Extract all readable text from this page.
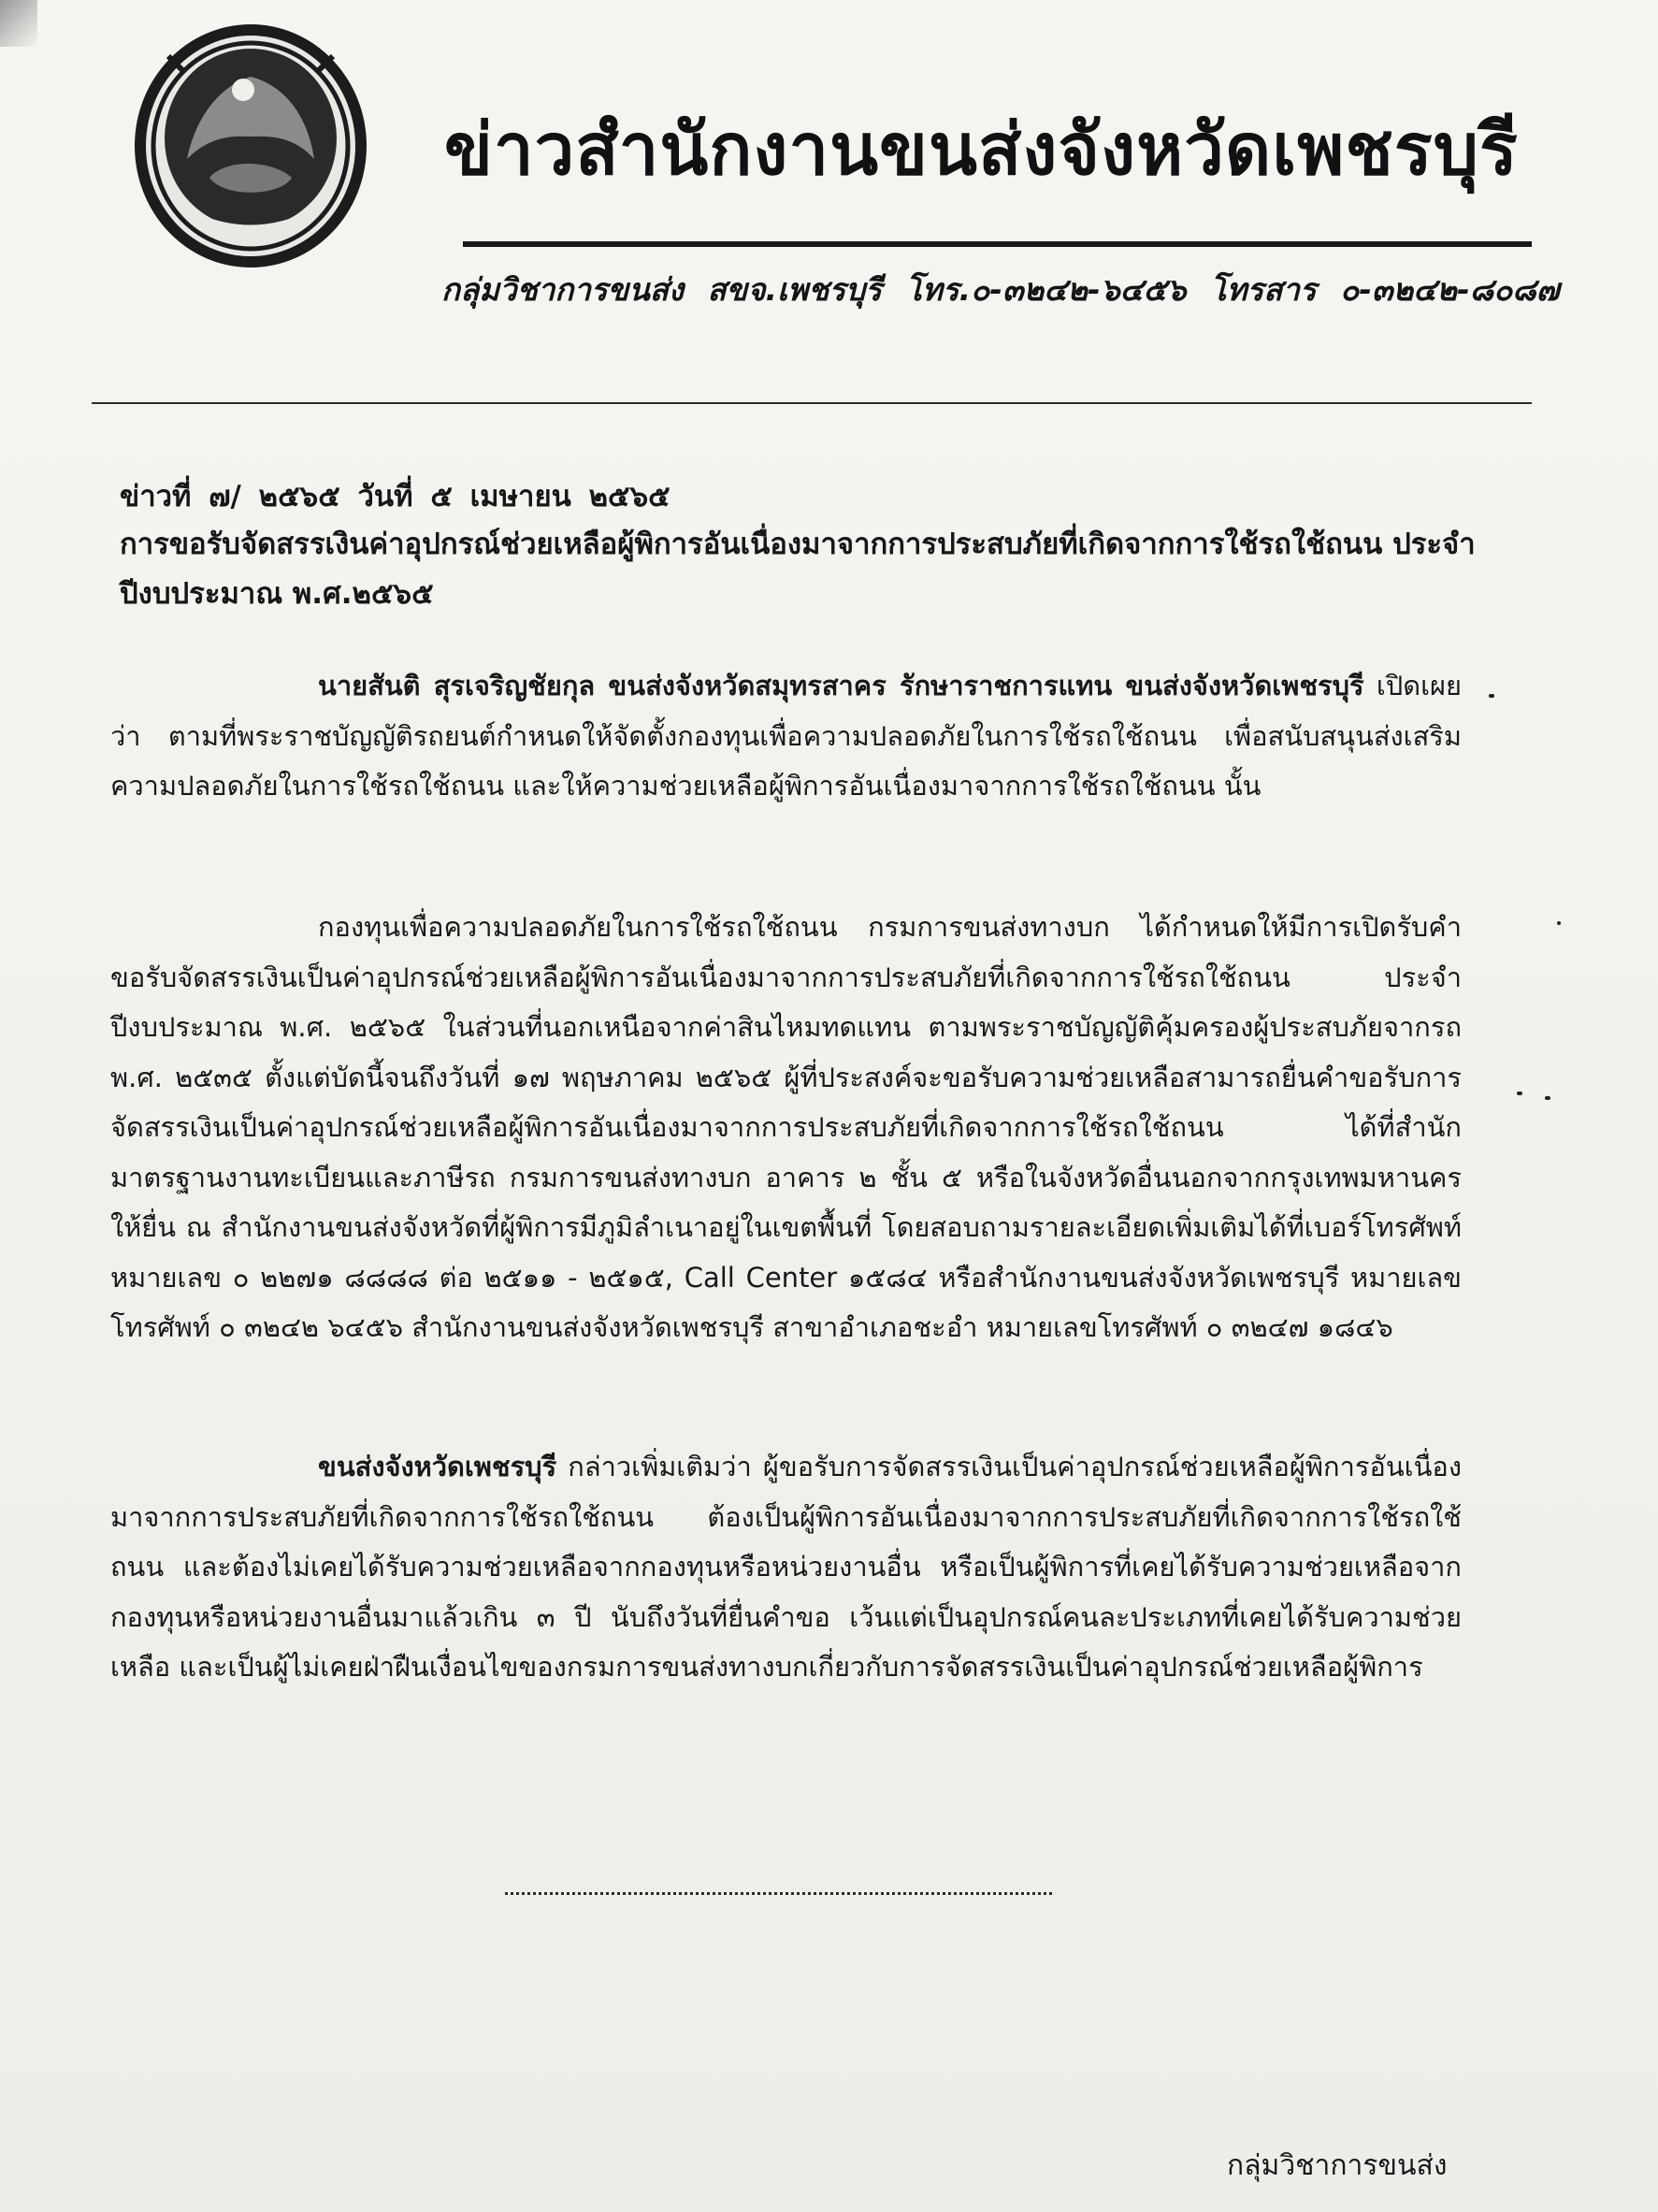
ข่าวสำนักงานขนส่งจังหวัดเพชรบุรี
กลุ่มวิชาการขนส่ง สขจ.เพชรบุรี โทร.๐-๓๒๔๒-๖๔๕๖ โทรสาร ๐-๓๒๔๒-๘๐๘๗
ข่าวที่ ๗/ ๒๕๖๕ วันที่ ๕ เมษายน ๒๕๖๕
การขอรับจัดสรรเงินค่าอุปกรณ์ช่วยเหลือผู้พิการอันเนื่องมาจากการประสบภัยที่เกิดจากการใช้รถใช้ถนน ประจำปีงบประมาณ พ.ศ.๒๕๖๕
นายสันติ สุรเจริญชัยกุล ขนส่งจังหวัดสมุทรสาคร รักษาราชการแทน ขนส่งจังหวัดเพชรบุรี เปิดเผยว่า ตามที่พระราชบัญญัติรถยนต์กำหนดให้จัดตั้งกองทุนเพื่อความปลอดภัยในการใช้รถใช้ถนน เพื่อสนับสนุนส่งเสริมความปลอดภัยในการใช้รถใช้ถนน และให้ความช่วยเหลือผู้พิการอันเนื่องมาจากการใช้รถใช้ถนน นั้น
กองทุนเพื่อความปลอดภัยในการใช้รถใช้ถนน กรมการขนส่งทางบก ได้กำหนดให้มีการเปิดรับคำขอรับจัดสรรเงินเป็นค่าอุปกรณ์ช่วยเหลือผู้พิการอันเนื่องมาจากการประสบภัยที่เกิดจากการใช้รถใช้ถนน ประจำปีงบประมาณ พ.ศ. ๒๕๖๕ ในส่วนที่นอกเหนือจากค่าสินไหมทดแทน ตามพระราชบัญญัติคุ้มครองผู้ประสบภัยจากรถ พ.ศ. ๒๕๓๕ ตั้งแต่บัดนี้จนถึงวันที่ ๑๗ พฤษภาคม ๒๕๖๕ ผู้ที่ประสงค์จะขอรับความช่วยเหลือสามารถยื่นคำขอรับการจัดสรรเงินเป็นค่าอุปกรณ์ช่วยเหลือผู้พิการอันเนื่องมาจากการประสบภัยที่เกิดจากการใช้รถใช้ถนน ได้ที่สำนักมาตรฐานงานทะเบียนและภาษีรถ กรมการขนส่งทางบก อาคาร ๒ ชั้น ๕ หรือในจังหวัดอื่นนอกจากกรุงเทพมหานคร ให้ยื่น ณ สำนักงานขนส่งจังหวัดที่ผู้พิการมีภูมิลำเนาอยู่ในเขตพื้นที่ โดยสอบถามรายละเอียดเพิ่มเติมได้ที่เบอร์โทรศัพท์ หมายเลข ๐ ๒๒๗๑ ๘๘๘๘ ต่อ ๒๕๑๑ - ๒๕๑๕, Call Center ๑๕๘๔ หรือสำนักงานขนส่งจังหวัดเพชรบุรี หมายเลขโทรศัพท์ ๐ ๓๒๔๒ ๖๔๕๖ สำนักงานขนส่งจังหวัดเพชรบุรี สาขาอำเภอชะอำ หมายเลขโทรศัพท์ ๐ ๓๒๔๗ ๑๘๔๖
ขนส่งจังหวัดเพชรบุรี กล่าวเพิ่มเติมว่า ผู้ขอรับการจัดสรรเงินเป็นค่าอุปกรณ์ช่วยเหลือผู้พิการอันเนื่องมาจากการประสบภัยที่เกิดจากการใช้รถใช้ถนน ต้องเป็นผู้พิการอันเนื่องมาจากการประสบภัยที่เกิดจากการใช้รถใช้ถนน และต้องไม่เคยได้รับความช่วยเหลือจากกองทุนหรือหน่วยงานอื่น หรือเป็นผู้พิการที่เคยได้รับความช่วยเหลือจากกองทุนหรือหน่วยงานอื่นมาแล้วเกิน ๓ ปี นับถึงวันที่ยื่นคำขอ เว้นแต่เป็นอุปกรณ์คนละประเภทที่เคยได้รับความช่วยเหลือ และเป็นผู้ไม่เคยฝ่าฝืนเงื่อนไขของกรมการขนส่งทางบกเกี่ยวกับการจัดสรรเงินเป็นค่าอุปกรณ์ช่วยเหลือผู้พิการ
กลุ่มวิชาการขนส่ง
